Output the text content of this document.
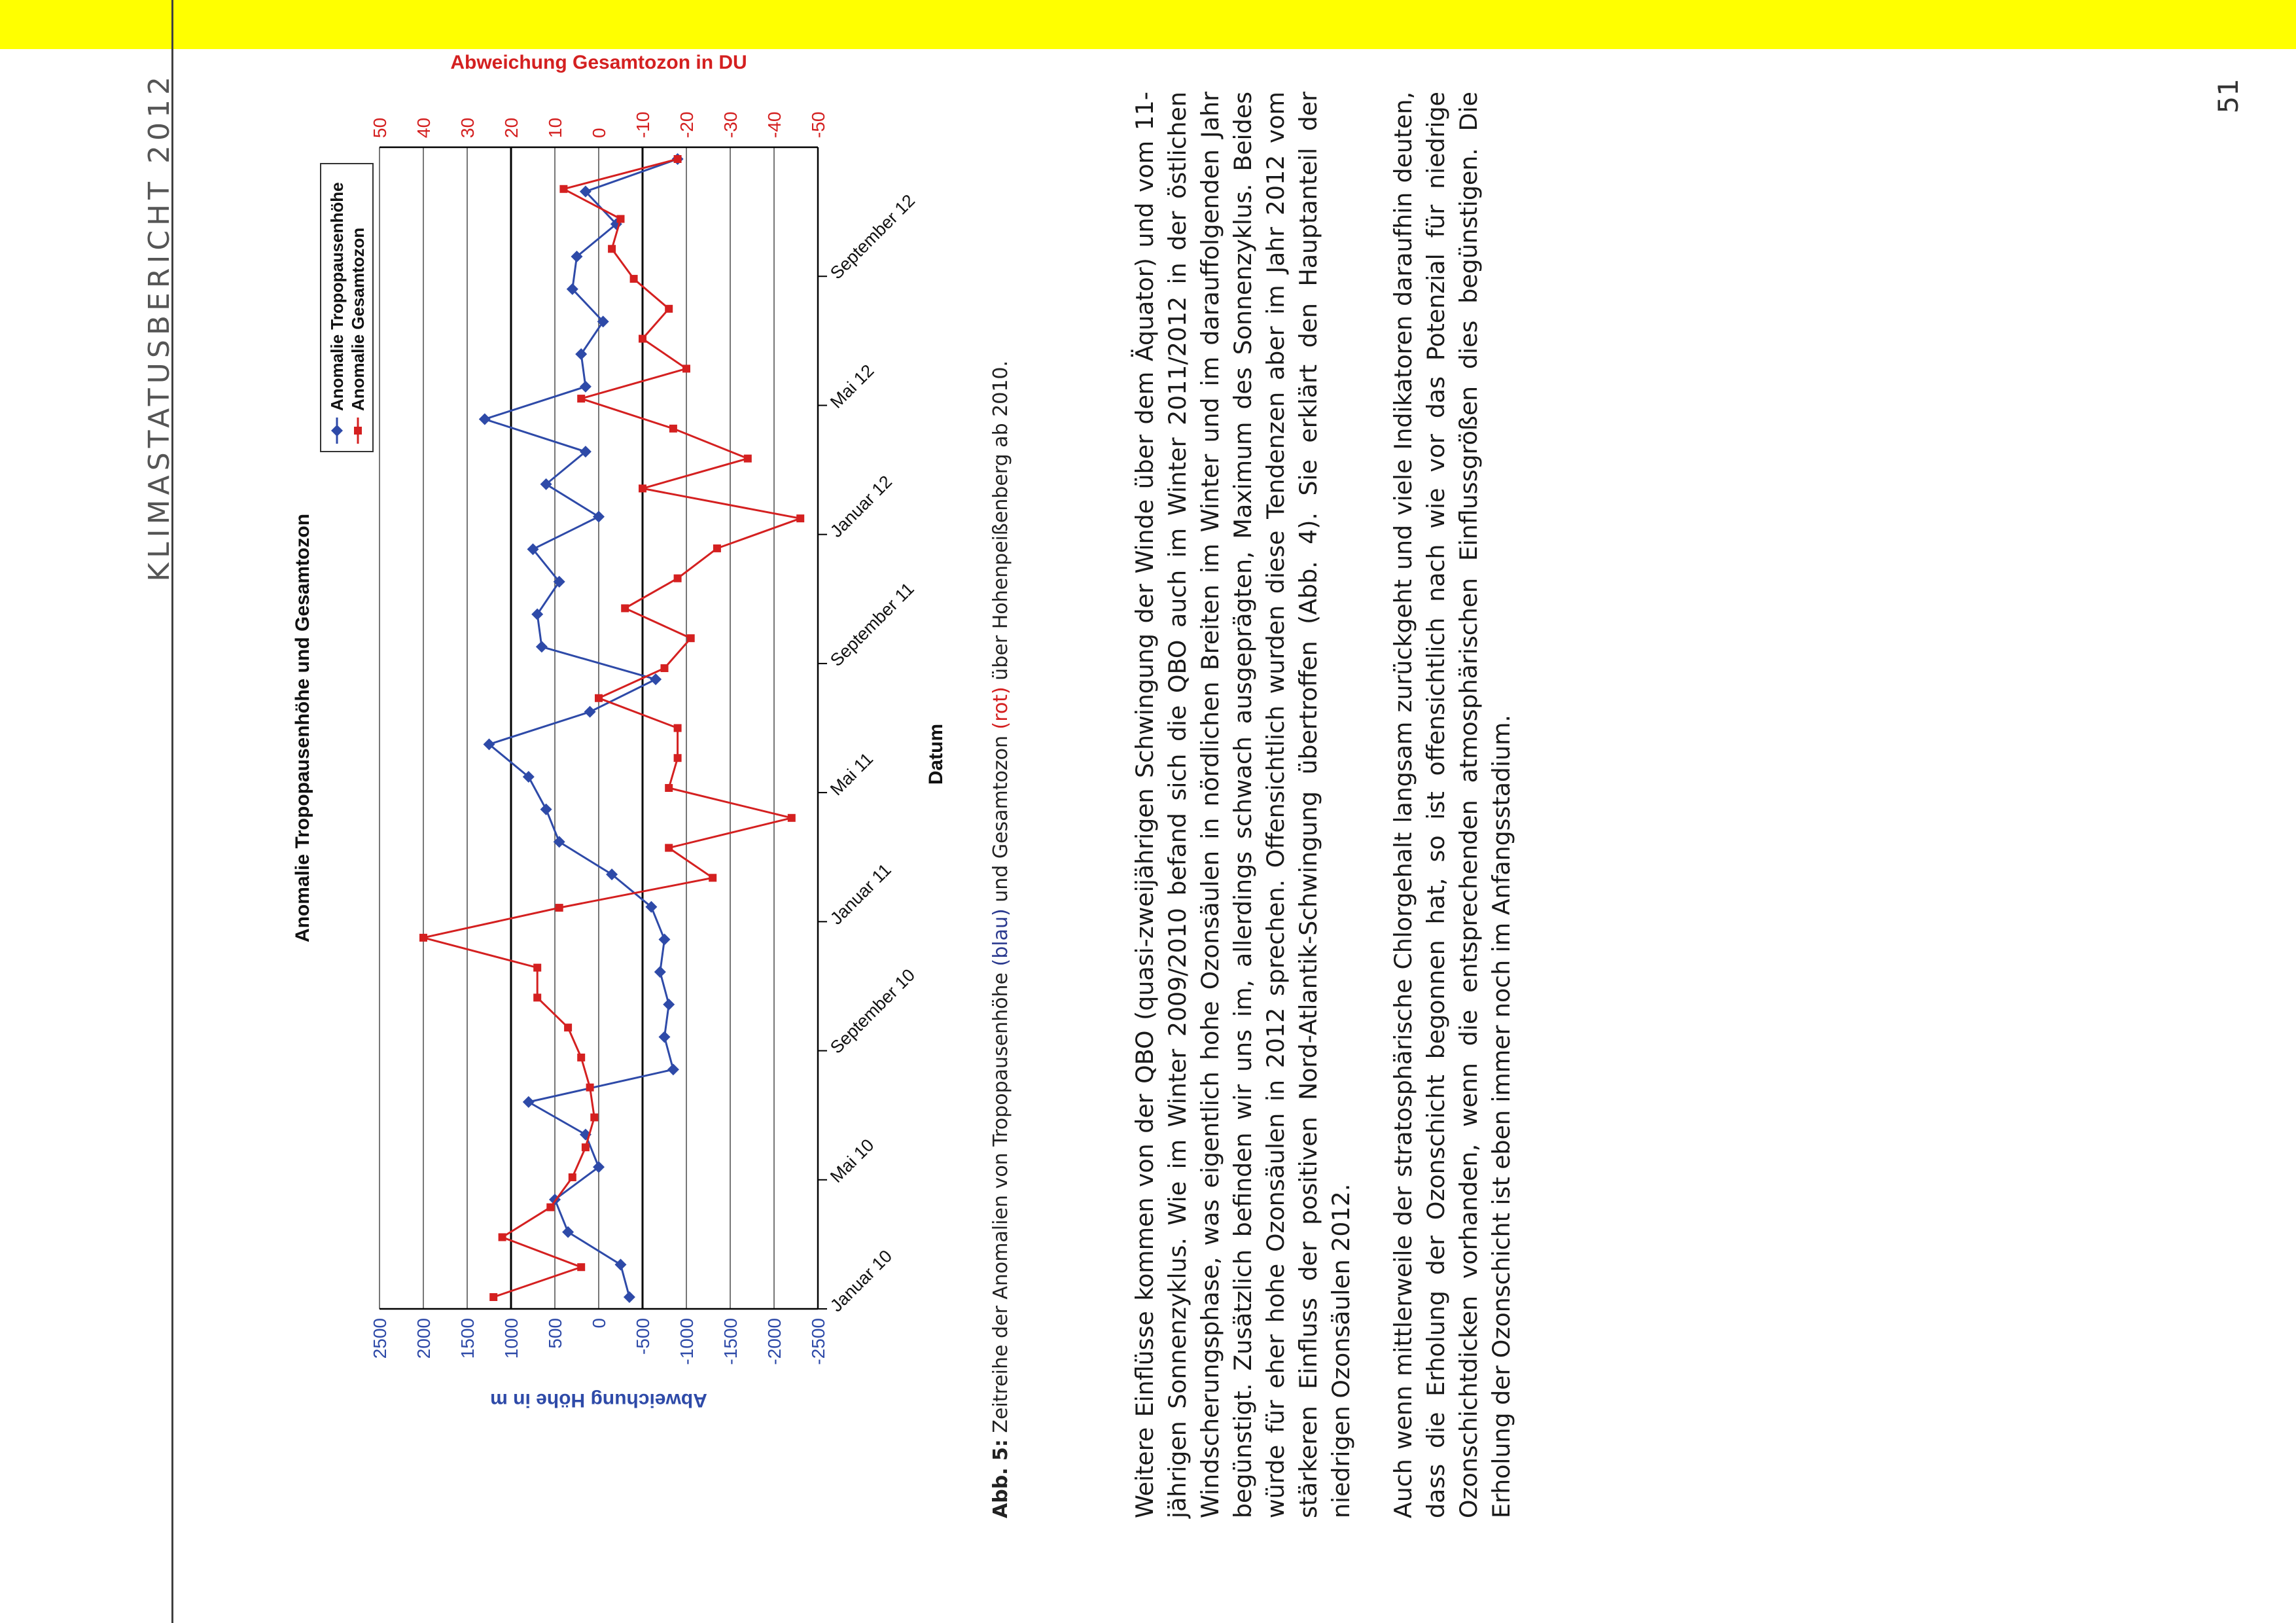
KLIMASTATUSBERICHT 2012	51
Januar 10
Mai 10
September 10
Januar 11
Mai 11
September 11
Januar 12
Mai 12
September 12
2500 2000 1500 1000 500 0 -500 -1000 -1500 -2000 -2500
50 40 30 20 10 0 -10 -20 -30 -40 -50
Abweichung Höhe in m
Abweichung Gesamtozon in DU
Datum
Anomalie Tropopausenhöhe und Gesamtozon
Anomalie Tropopausenhöhe Anomalie Gesamtozon
Abb. 5: Zeitreihe der Anomalien von Tropopausenhöhe (blau) und Gesamtozon (rot) über Hohenpeißenberg ab 2010.	Weitere Einflüsse kommen von der QBO (quasi-zweijährigen Schwingung der Winde über dem Äquator) und vom 11-jährigen Sonnenzyklus. Wie im Winter 2009/2010 befand sich die QBO auch im Winter 2011/2012 in der östlichen Windscherungsphase, was eigentlich hohe Ozonsäulen in nördlichen Breiten im Winter und im darauffolgenden Jahr begünstigt. Zusätzlich befinden wir uns im, allerdings schwach ausgeprägten, Maximum des Sonnenzyklus. Beides würde für eher hohe Ozonsäulen in 2012 sprechen. Offensichtlich wurden diese Tendenzen aber im Jahr 2012 vom stärkeren Einfluss der positiven Nord-Atlantik-Schwingung übertroffen (Abb. 4). Sie erklärt den Hauptanteil der niedrigen Ozonsäulen 2012. Auch wenn mittlerweile der stratosphärische Chlorgehalt langsam zurückgeht und viele Indikatoren daraufhin deuten, dass die Erholung der Ozonschicht begonnen hat, so ist offensichtlich nach wie vor das Potenzial für niedrige Ozonschichtdicken vorhanden, wenn die entsprechenden atmosphärischen Einflussgrößen dies begünstigen. Die Erholung der Ozonschicht ist eben immer noch im Anfangsstadium.
